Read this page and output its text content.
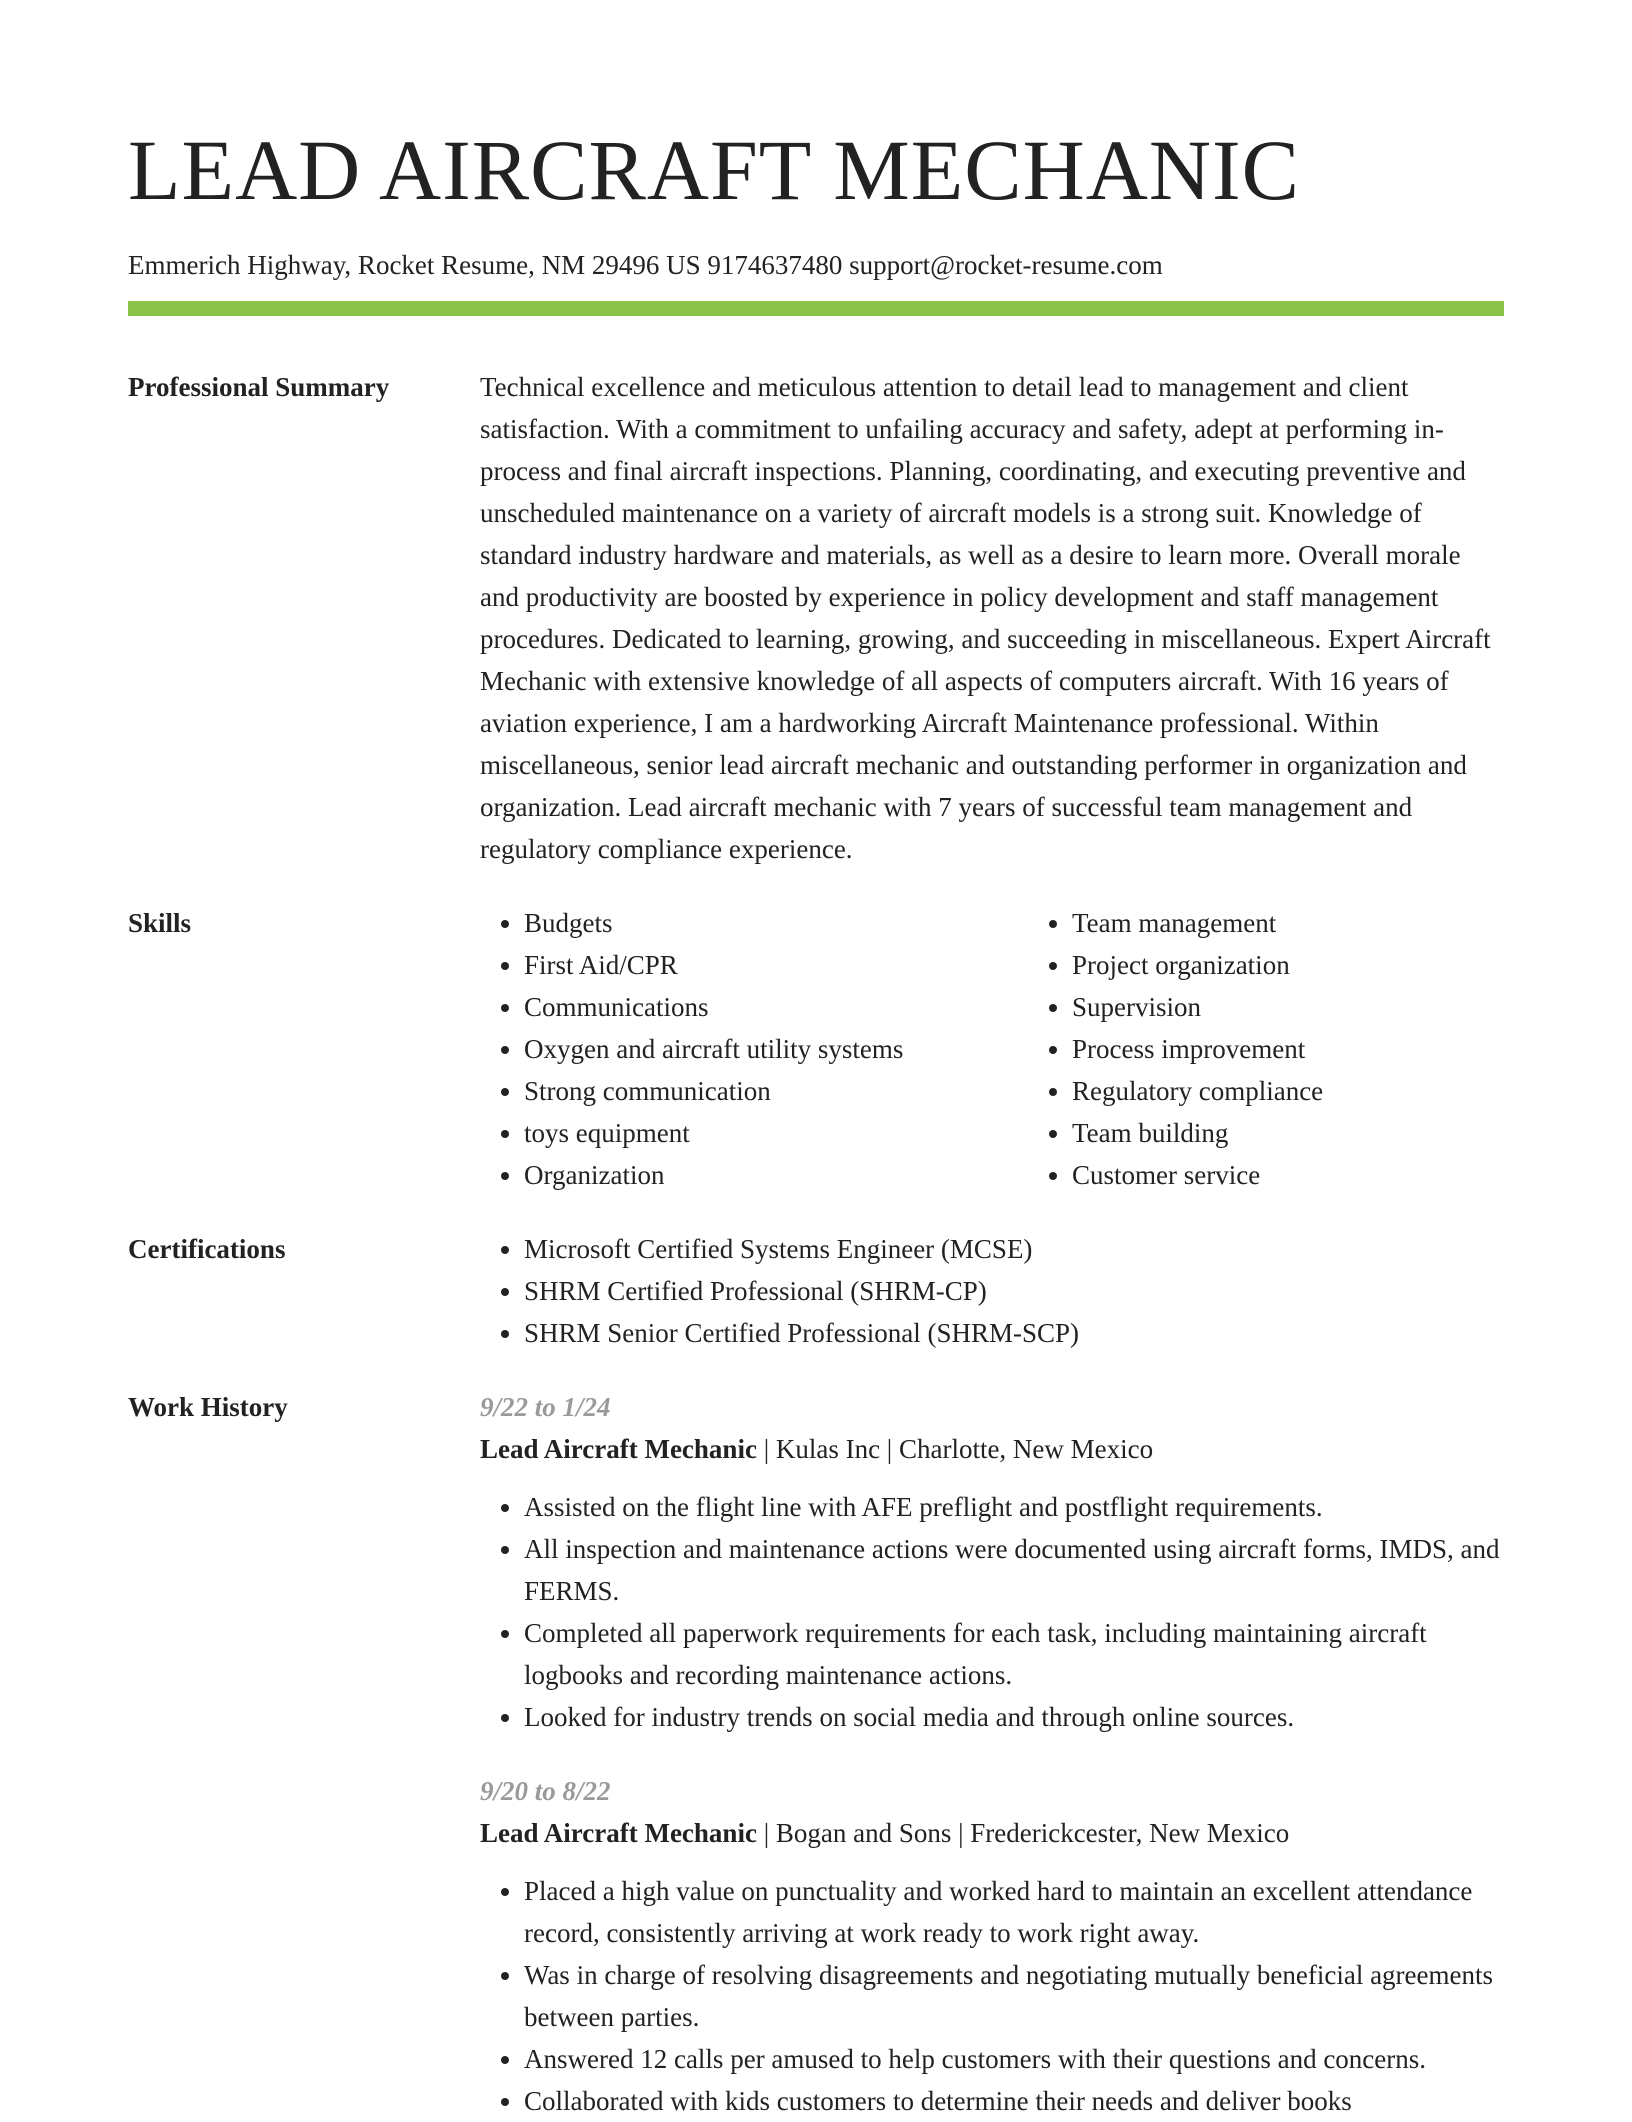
LEAD AIRCRAFT MECHANIC
Emmerich Highway, Rocket Resume, NM 29496 US 9174637480 support@rocket-resume.com
Professional Summary	Technical excellence and meticulous attention to detail lead to management and client satisfaction. With a commitment to unfailing accuracy and safety, adept at performing in-process and final aircraft inspections. Planning, coordinating, and executing preventive and unscheduled maintenance on a variety of aircraft models is a strong suit. Knowledge of standard industry hardware and materials, as well as a desire to learn more. Overall morale and productivity are boosted by experience in policy development and staff management procedures. Dedicated to learning, growing, and succeeding in miscellaneous. Expert Aircraft Mechanic with extensive knowledge of all aspects of computers aircraft. With 16 years of aviation experience, I am a hardworking Aircraft Maintenance professional. Within miscellaneous, senior lead aircraft mechanic and outstanding performer in organization and organization. Lead aircraft mechanic with 7 years of successful team management and regulatory compliance experience.

Skills	• Budgets
• First Aid/CPR
• Communications
• Oxygen and aircraft utility systems
• Strong communication
• toys equipment
• Organization
• Team management
• Project organization
• Supervision
• Process improvement
• Regulatory compliance
• Team building
• Customer service
Certifications	• Microsoft Certified Systems Engineer (MCSE)
• SHRM Certified Professional (SHRM-CP)
• SHRM Senior Certified Professional (SHRM-SCP)
Work History	9/22 to 1/24
Lead Aircraft Mechanic | Kulas Inc | Charlotte, New Mexico
• Assisted on the flight line with AFE preflight and postflight requirements.
• All inspection and maintenance actions were documented using aircraft forms, IMDS, and FERMS.
• Completed all paperwork requirements for each task, including maintaining aircraft logbooks and recording maintenance actions.
• Looked for industry trends on social media and through online sources.
9/20 to 8/22
Lead Aircraft Mechanic | Bogan and Sons | Frederickcester, New Mexico
• Placed a high value on punctuality and worked hard to maintain an excellent attendance record, consistently arriving at work ready to work right away.
• Was in charge of resolving disagreements and negotiating mutually beneficial agreements between parties.
• Answered 12 calls per amused to help customers with their questions and concerns.
• Collaborated with kids customers to determine their needs and deliver books
